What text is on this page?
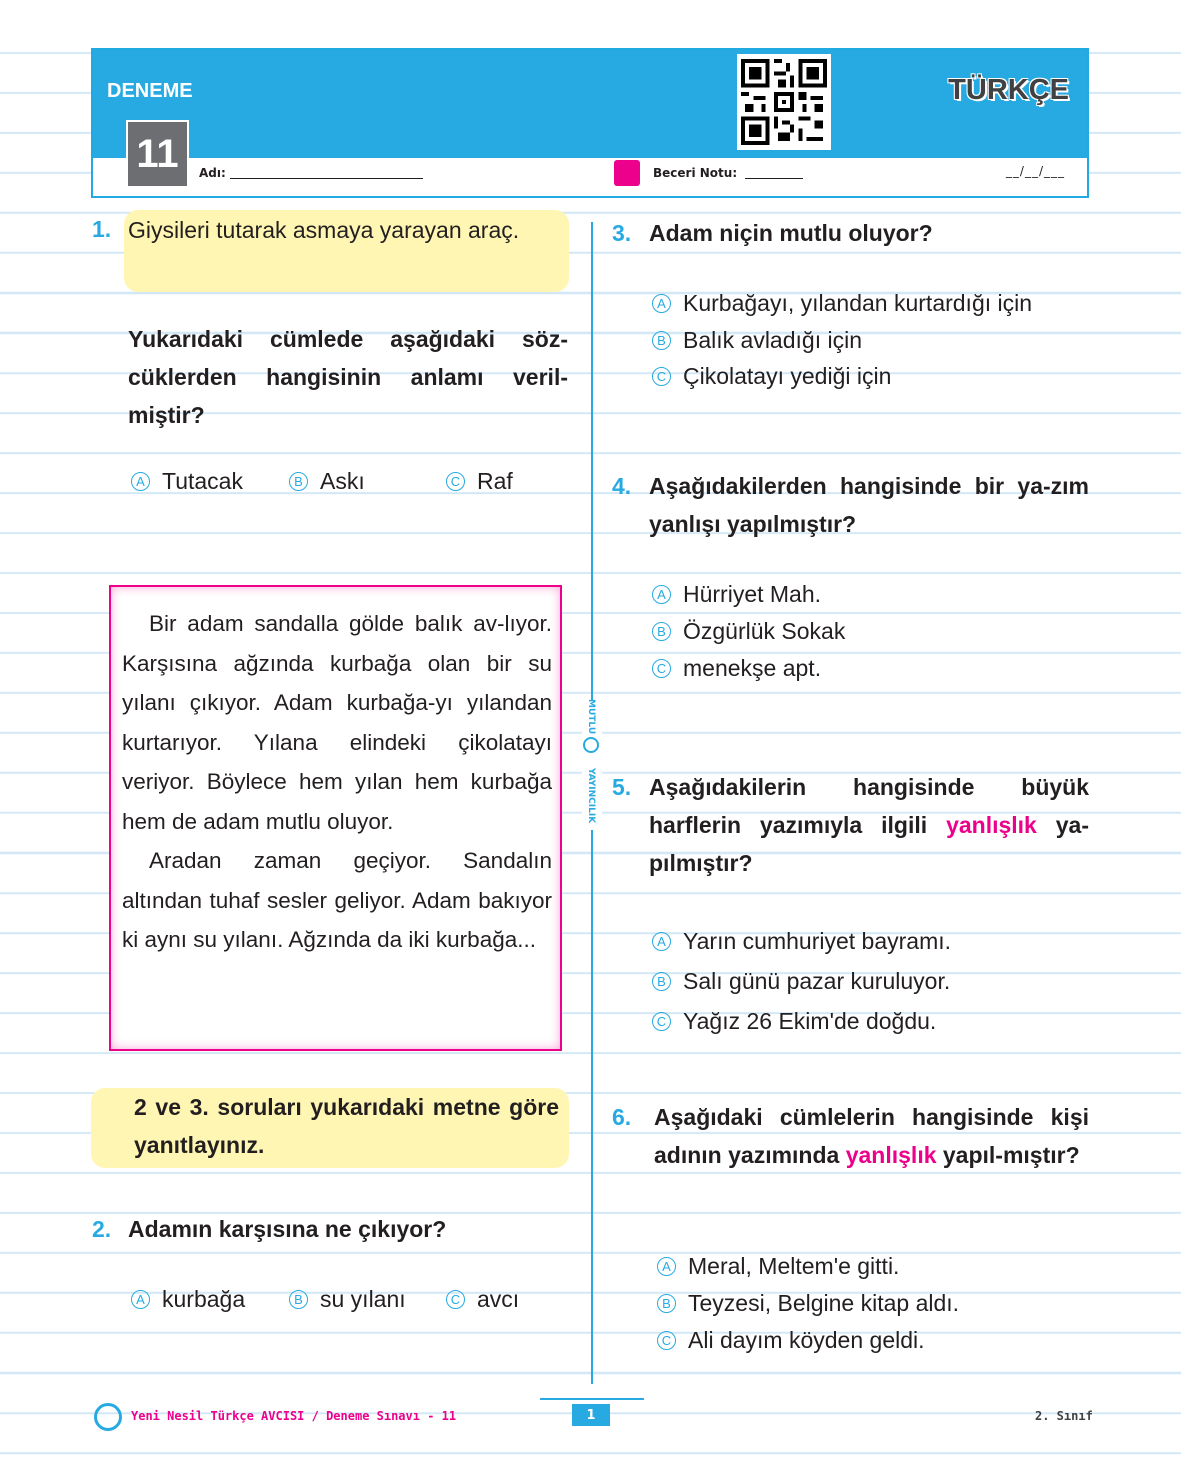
DENEME
11
TÜRKÇE
Adı:	Beceri Notu:	__/__/___
1. Giysileri tutarak asmaya yarayan araç.
Yukarıdaki cümlede aşağıdaki söz-cüklerden hangisinin anlamı veril-miştir?
A Tutacak	B Askı	C Raf

Bir adam sandalla gölde balık av-lıyor. Karşısına ağzında kurbağa olan bir su yılanı çıkıyor. Adam kurbağa-yı yılandan kurtarıyor. Yılana elindeki çikolatayı veriyor. Böylece hem yılan hem kurbağa hem de adam mutlu oluyor.

Aradan zaman geçiyor. Sandalın altından tuhaf sesler geliyor. Adam bakıyor ki aynı su yılanı. Ağzında da iki kurbağa...

2 ve 3. soruları yukarıdaki metne göre yanıtlayınız.
2. Adamın karşısına ne çıkıyor?
A kurbağa	B su yılanı	C avcı
MUTLU
YAYINCILIK
3. Adam niçin mutlu oluyor?
A Kurbağayı, yılandan kurtardığı için
B Balık avladığı için
C Çikolatayı yediği için
4. Aşağıdakilerden hangisinde bir ya-zım yanlışı yapılmıştır?
A Hürriyet Mah.
B Özgürlük Sokak
C menekşe apt.
5. Aşağıdakilerin hangisinde büyük harflerin yazımıyla ilgili yanlışlık ya-pılmıştır?
A Yarın cumhuriyet bayramı.
B Salı günü pazar kuruluyor.
C Yağız 26 Ekim'de doğdu.
6. Aşağıdaki cümlelerin hangisinde kişi adının yazımında yanlışlık yapıl-mıştır?
A Meral, Meltem'e gitti.
B Teyzesi, Belgine kitap aldı.
C Ali dayım köyden geldi.
Yeni Nesil Türkçe AVCISI / Deneme Sınavı - 11	1	2. Sınıf
